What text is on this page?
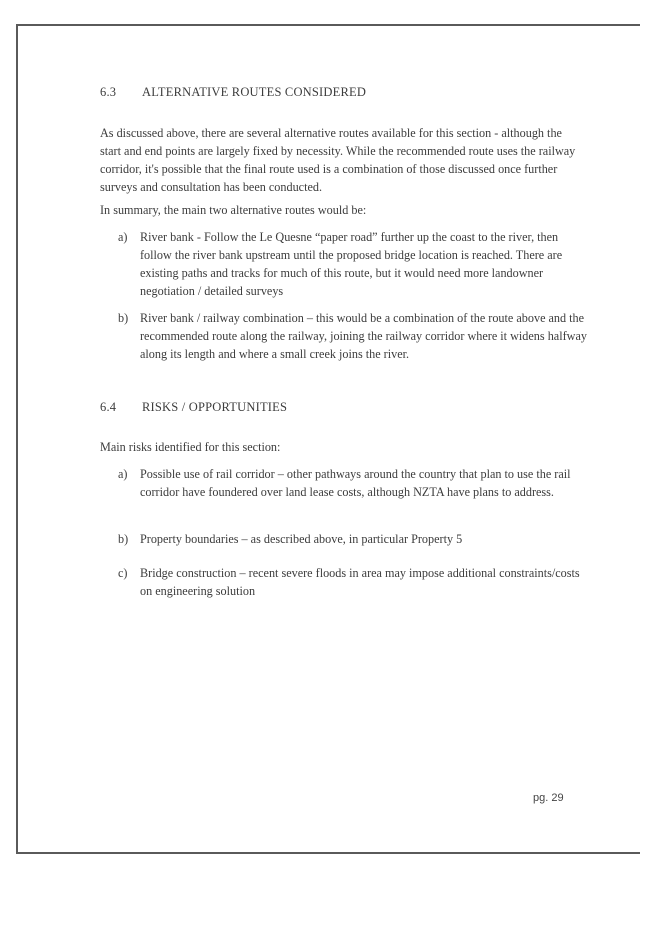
6.3 ALTERNATIVE ROUTES CONSIDERED
As discussed above, there are several alternative routes available for this section - although the start and end points are largely fixed by necessity. While the recommended route uses the railway corridor, it's possible that the final route used is a combination of those discussed once further surveys and consultation has been conducted.
In summary, the main two alternative routes would be:
a) River bank - Follow the Le Quesne “paper road” further up the coast to the river, then follow the river bank upstream until the proposed bridge location is reached. There are existing paths and tracks for much of this route, but it would need more landowner negotiation / detailed surveys
b) River bank / railway combination – this would be a combination of the route above and the recommended route along the railway, joining the railway corridor where it widens halfway along its length and where a small creek joins the river.
6.4 RISKS / OPPORTUNITIES
Main risks identified for this section:
a) Possible use of rail corridor – other pathways around the country that plan to use the rail corridor have foundered over land lease costs, although NZTA have plans to address.
b) Property boundaries – as described above, in particular Property 5
c) Bridge construction – recent severe floods in area may impose additional constraints/costs on engineering solution
pg. 29
